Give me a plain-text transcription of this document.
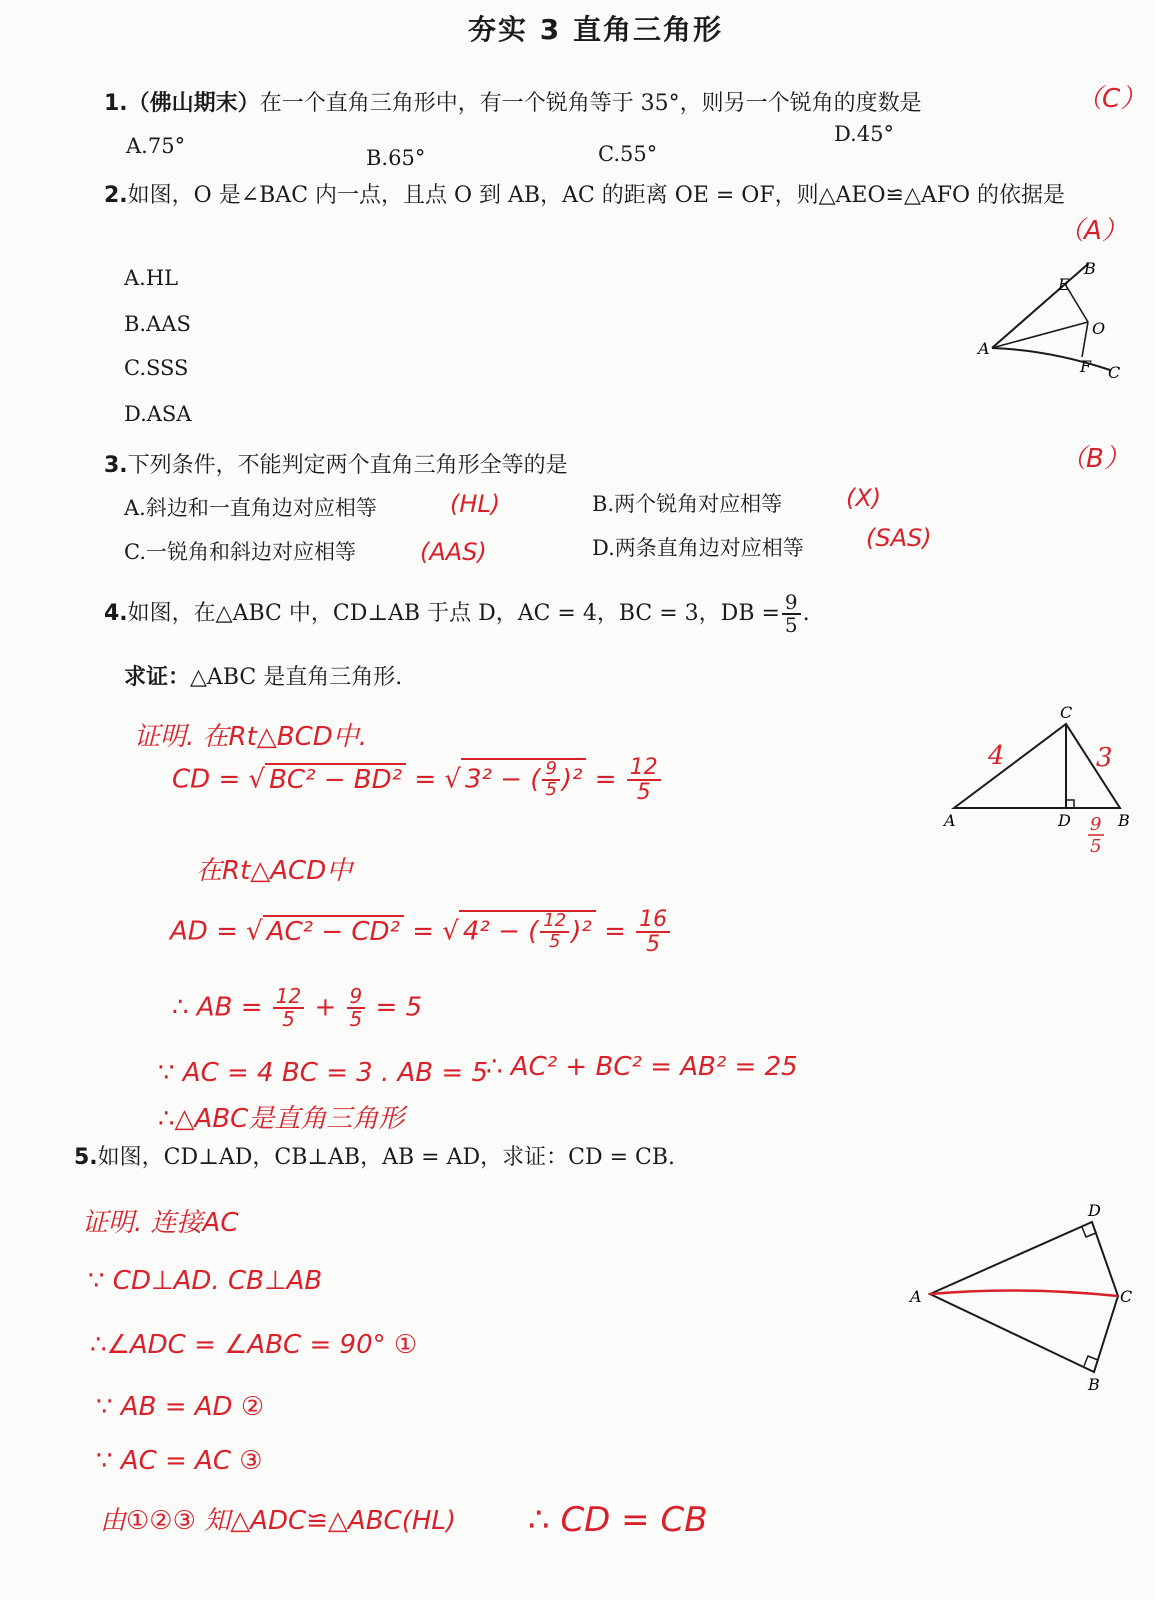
夯实 3 直角三角形
1.（佛山期末）在一个直角三角形中，有一个锐角等于 35°，则另一个锐角的度数是	（C）
A.75°	B.65°	C.55°
D.45°
2.如图，O 是∠BAC 内一点，且点 O 到 AB，AC 的距离 OE = OF，则△AEO≌△AFO 的依据是
（A）
A.HL
B.AAS
C.SSS
D.ASA
A
B
C
E
F
O
3.下列条件，不能判定两个直角三角形全等的是	（B）
A.斜边和一直角边对应相等	(HL)	B.两个锐角对应相等	(X)
C.一锐角和斜边对应相等	(AAS)	D.两条直角边对应相等	(SAS)
4.如图，在△ABC 中，CD⊥AB 于点 D，AC = 4，BC = 3，DB = $\frac{9}{5}$ .
求证：△ABC 是直角三角形.
A	B
C
D
4	3
9
5
证明. 在Rt△BCD中.
CD = √ BC² − BD² = √ 3² − ( $\frac{9}{5} )^2 = \frac{12}{5}$
在Rt△ACD中
AD = √ AC² − CD² = √ 4² − ( $\frac{12}{5} )^2 = \frac{16}{5}$
∴ AB = $\frac{12}{5} + \frac{9}{5} = 5$
∵ AC = 4 BC = 3 . AB = 5
∴ AC² + BC² = AB² = 25
∴△ABC是直角三角形
5.如图，CD⊥AD，CB⊥AB，AB = AD，求证：CD = CB.
A
B
C
D
证明. 连接AC
∵ CD⊥AD. CB⊥AB
∴∠ADC = ∠ABC = 90° ①
∵ AB = AD ②
∵ AC = AC ③
由①②③ 知△ADC≌△ABC(HL) ∴ CD = CB
